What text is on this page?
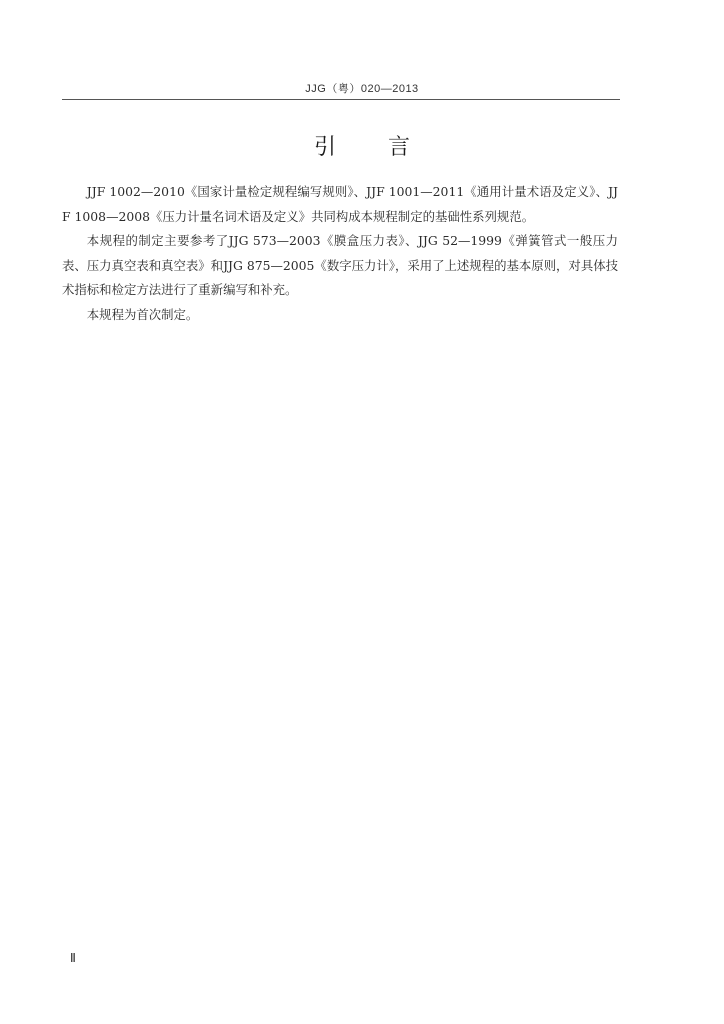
JJG（粤）020—2013
引 言

JJF 1002—2010《国家计量检定规程编写规则》、JJF 1001—2011《通用计量术语及定义》、JJF 1008—2008《压力计量名词术语及定义》共同构成本规程制定的基础性系列规范。

本规程的制定主要参考了JJG 573—2003《膜盒压力表》、JJG 52—1999《弹簧管式一般压力表、压力真空表和真空表》和JJG 875—2005《数字压力计》，采用了上述规程的基本原则，对具体技术指标和检定方法进行了重新编写和补充。

本规程为首次制定。

Ⅱ
